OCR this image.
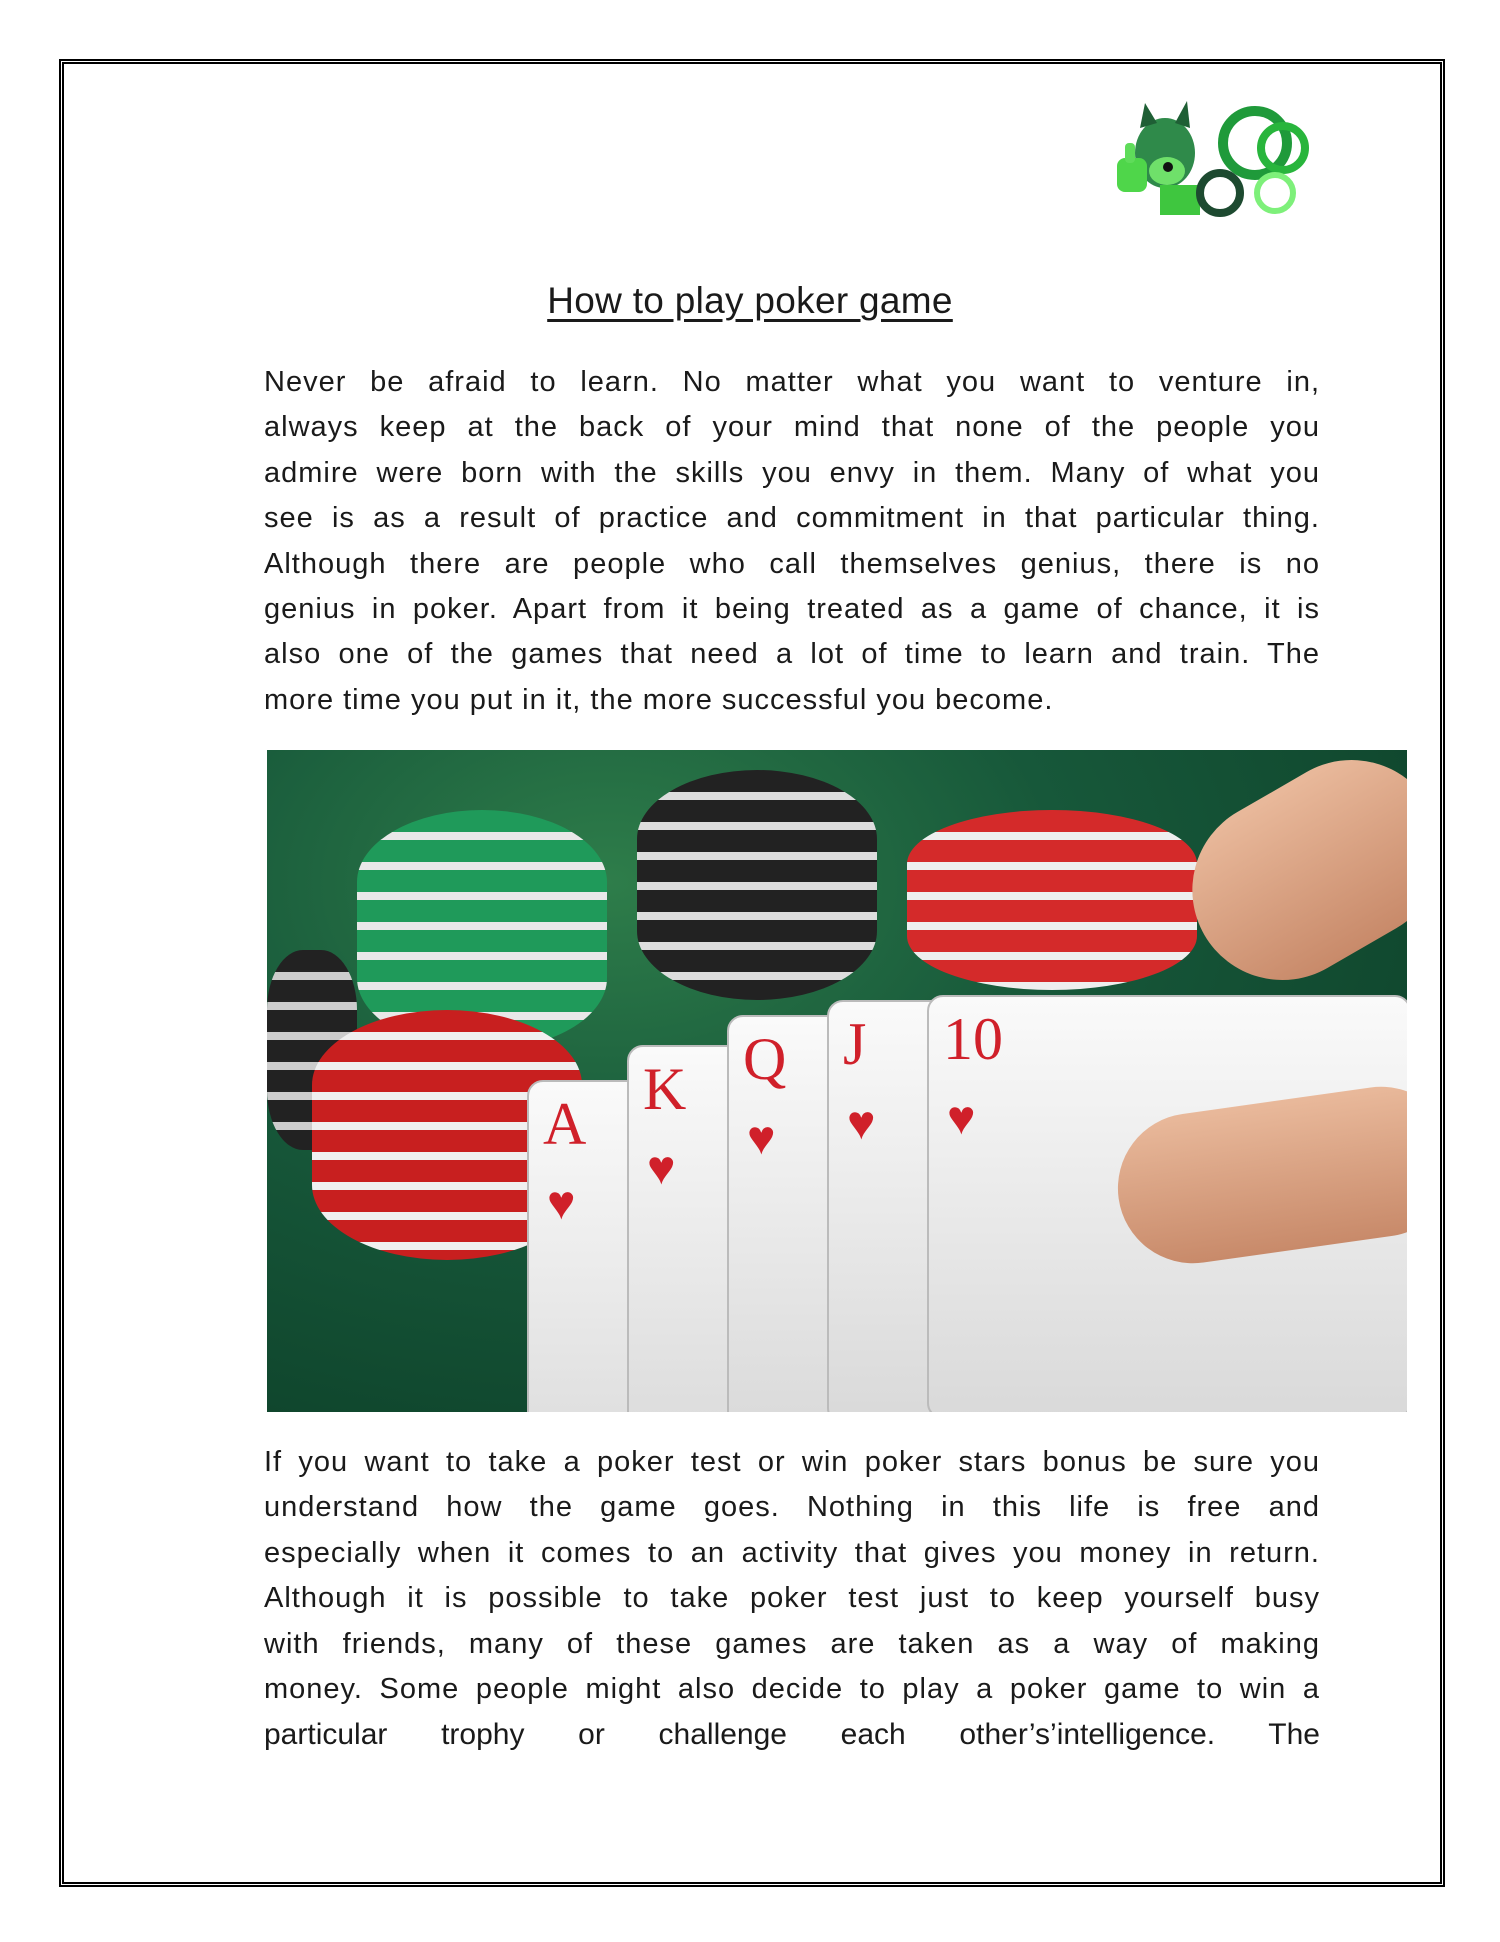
How to play poker game
Never be afraid to learn. No matter what you want to venture in,
always keep at the back of your mind that none of the people you
admire were born with the skills you envy in them. Many of what you
see is as a result of practice and commitment in that particular thing.
Although there are people who call themselves genius, there is no
genius in poker. Apart from it being treated as a game of chance, it is
also one of the games that need a lot of time to learn and train. The
more time you put in it, the more successful you become.
A
♥
K
♥
Q
♥
J
♥
10
♥
If you want to take a poker test or win poker stars bonus be sure you
understand how the game goes. Nothing in this life is free and
especially when it comes to an activity that gives you money in return.
Although it is possible to take poker test just to keep yourself busy
with friends, many of these games are taken as a way of making
money. Some people might also decide to play a poker game to win a
particular trophy or challenge each other’s’intelligence. The
